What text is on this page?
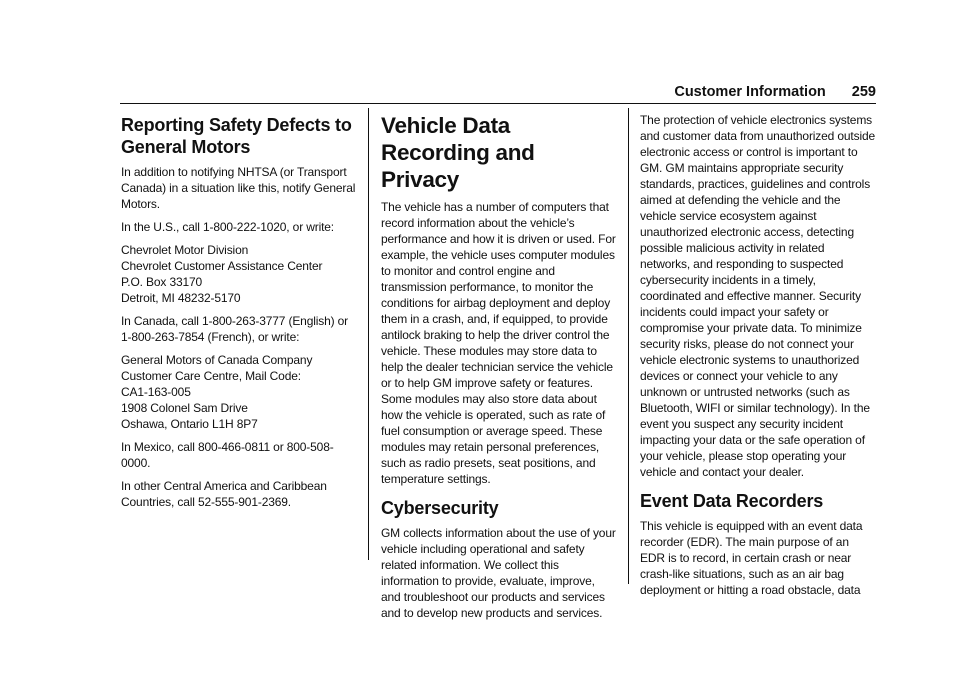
Customer Information 259
Reporting Safety Defects to
General Motors

In addition to notifying NHTSA (or Transport Canada) in a situation like this, notify General Motors.

In the U.S., call 1-800-222-1020, or write:

Chevrolet Motor Division
Chevrolet Customer Assistance Center
P.O. Box 33170
Detroit, MI 48232-5170

In Canada, call 1-800-263-3777 (English) or 1-800-263-7854 (French), or write:

General Motors of Canada Company
Customer Care Centre, Mail Code:
CA1-163-005
1908 Colonel Sam Drive
Oshawa, Ontario L1H 8P7

In Mexico, call 800-466-0811 or 800-508-0000.

In other Central America and Caribbean Countries, call 52-555-901-2369.

Vehicle Data Recording and
Privacy

The vehicle has a number of computers that record information about the vehicle’s performance and how it is driven or used. For example, the vehicle uses computer modules to monitor and control engine and transmission performance, to monitor the conditions for airbag deployment and deploy them in a crash, and, if equipped, to provide antilock braking to help the driver control the vehicle. These modules may store data to help the dealer technician service the vehicle or to help GM improve safety or features. Some modules may also store data about how the vehicle is operated, such as rate of fuel consumption or average speed. These modules may retain personal preferences, such as radio presets, seat positions, and temperature settings.

Cybersecurity

GM collects information about the use of your vehicle including operational and safety related information. We collect this information to provide, evaluate, improve, and troubleshoot our products and services and to develop new products and services.

The protection of vehicle electronics systems and customer data from unauthorized outside electronic access or control is important to GM. GM maintains appropriate security standards, practices, guidelines and controls aimed at defending the vehicle and the vehicle service ecosystem against unauthorized electronic access, detecting possible malicious activity in related networks, and responding to suspected cybersecurity incidents in a timely, coordinated and effective manner. Security incidents could impact your safety or compromise your private data. To minimize security risks, please do not connect your vehicle electronic systems to unauthorized devices or connect your vehicle to any unknown or untrusted networks (such as Bluetooth, WIFI or similar technology). In the event you suspect any security incident impacting your data or the safe operation of your vehicle, please stop operating your vehicle and contact your dealer.

Event Data Recorders

This vehicle is equipped with an event data recorder (EDR). The main purpose of an EDR is to record, in certain crash or near crash-like situations, such as an air bag deployment or hitting a road obstacle, data
